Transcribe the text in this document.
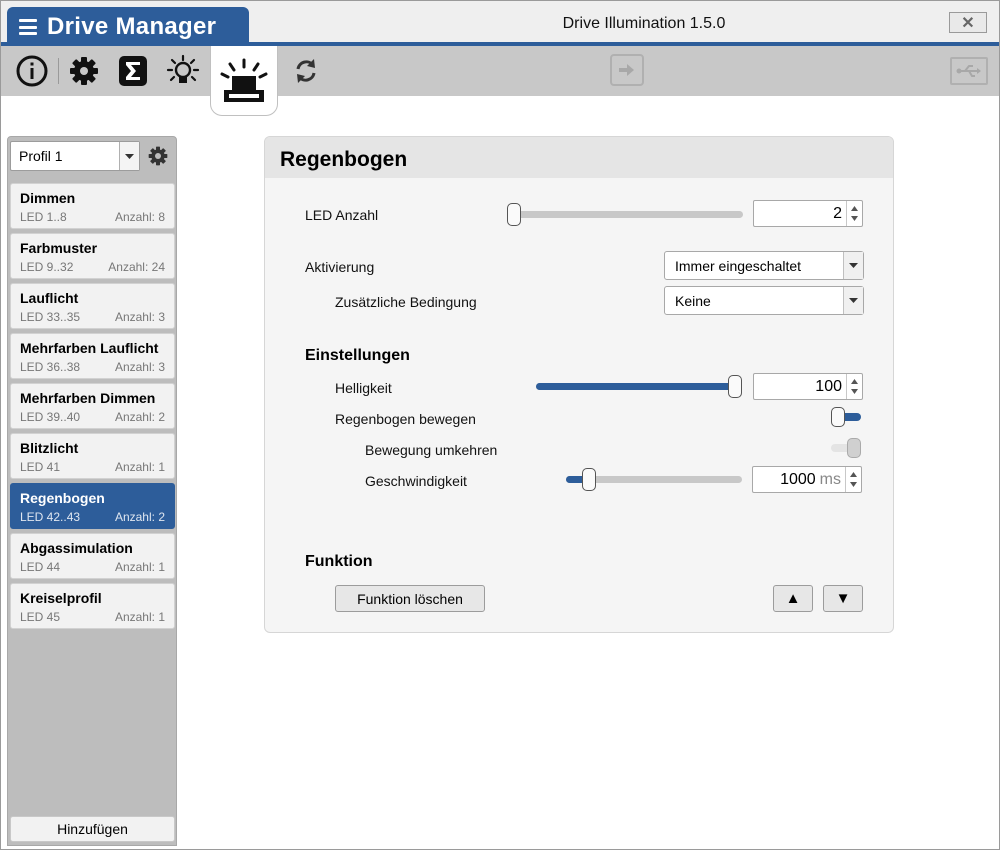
Drive Manager	Drive Illumination 1.5.0	✕
Profil 1
Dimmen
LED 1..8	Anzahl: 8
Farbmuster
LED 9..32	Anzahl: 24
Lauflicht
LED 33..35	Anzahl: 3
Mehrfarben Lauflicht
LED 36..38	Anzahl: 3
Mehrfarben Dimmen
LED 39..40	Anzahl: 2
Blitzlicht
LED 41	Anzahl: 1
Regenbogen
LED 42..43	Anzahl: 2
Abgassimulation
LED 44	Anzahl: 1
Kreiselprofil
LED 45	Anzahl: 1
Hinzufügen
Regenbogen
LED Anzahl	2
Aktivierung	Immer eingeschaltet
Zusätzliche Bedingung	Keine
Einstellungen
Helligkeit	100
Regenbogen bewegen
Bewegung umkehren
Geschwindigkeit	1000 ms
Funktion
Funktion löschen	▲	▼
